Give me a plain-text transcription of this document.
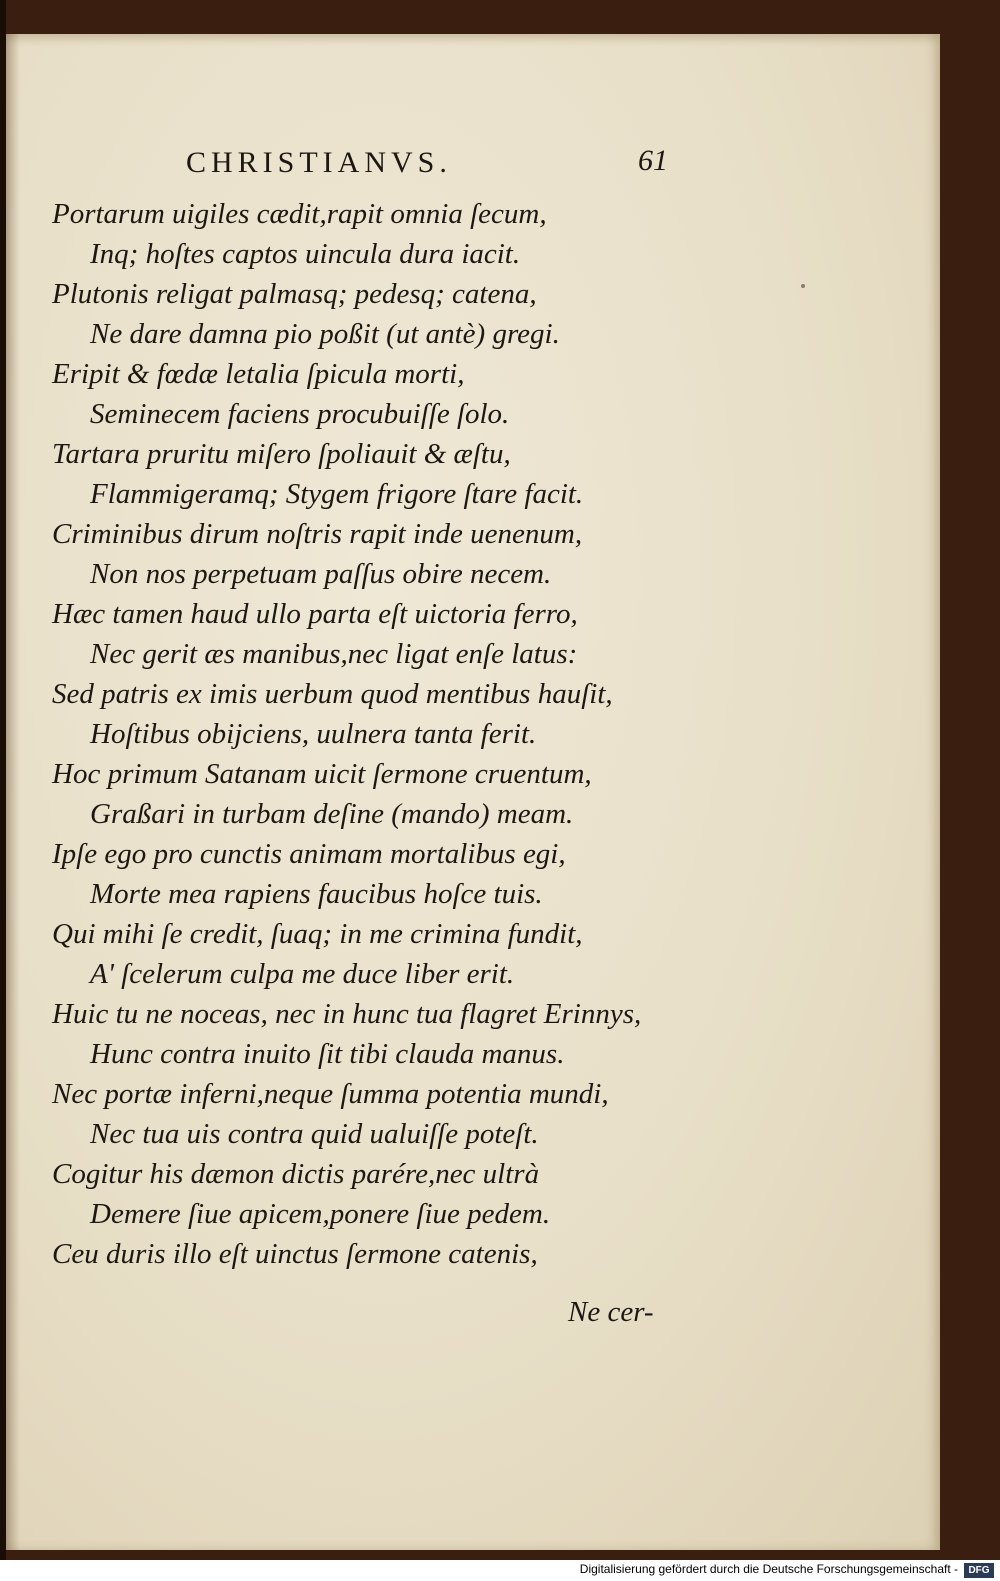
CHRISTIANVS.	61
Portarum uigiles cædit,rapit omnia ſecum,
Inq; hoſtes captos uincula dura iacit.
Plutonis religat palmasq; pedesq; catena,
Ne dare damna pio poßit (ut antè) gregi.
Eripit & fœdæ letalia ſpicula morti,
Seminecem faciens procubuiſſe ſolo.
Tartara pruritu miſero ſpoliauit & æſtu,
Flammigeramq; Stygem frigore ſtare facit.
Criminibus dirum noſtris rapit inde uenenum,
Non nos perpetuam paſſus obire necem.
Hæc tamen haud ullo parta eſt uictoria ferro,
Nec gerit æs manibus,nec ligat enſe latus:
Sed patris ex imis uerbum quod mentibus hauſit,
Hoſtibus obijciens, uulnera tanta ferit.
Hoc primum Satanam uicit ſermone cruentum,
Graßari in turbam deſine (mando) meam.
Ipſe ego pro cunctis animam mortalibus egi,
Morte mea rapiens faucibus hoſce tuis.
Qui mihi ſe credit, ſuaq; in me crimina fundit,
A' ſcelerum culpa me duce liber erit.
Huic tu ne noceas, nec in hunc tua flagret Erinnys,
Hunc contra inuito ſit tibi clauda manus.
Nec portæ inferni,neque ſumma potentia mundi,
Nec tua uis contra quid ualuiſſe poteſt.
Cogitur his dæmon dictis parére,nec ultrà
Demere ſiue apicem,ponere ſiue pedem.
Ceu duris illo eſt uinctus ſermone catenis,
Ne cer-
Digitalisierung gefördert durch die Deutsche Forschungsgemeinschaft -	DFG
